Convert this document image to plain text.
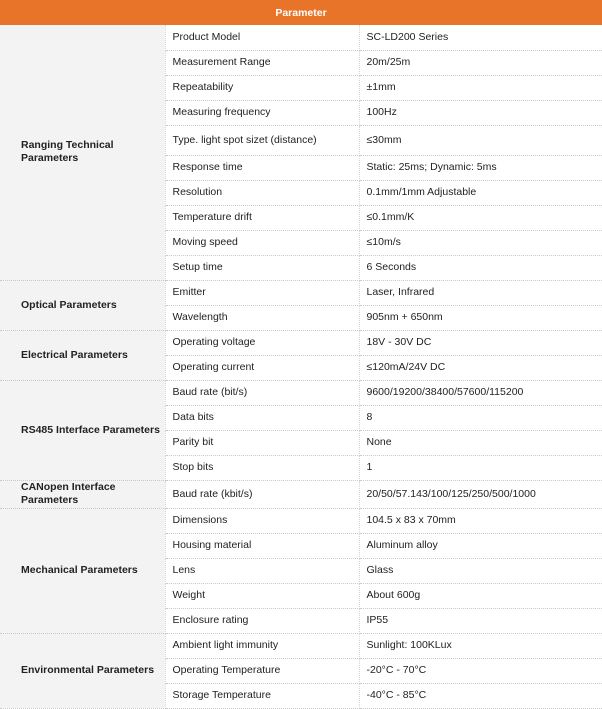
Parameter		
Ranging Technical Parameters	Product Model	SC-LD200 Series
	Measurement Range	20m/25m
	Repeatability	±1mm
	Measuring frequency	100Hz
	Type. light spot sizet (distance)	≤30mm
	Response time	Static: 25ms; Dynamic: 5ms
	Resolution	0.1mm/1mm Adjustable
	Temperature drift	≤0.1mm/K
	Moving speed	≤10m/s
	Setup time	6 Seconds
Optical Parameters	Emitter	Laser, Infrared
	Wavelength	905nm + 650nm
Electrical Parameters	Operating voltage	18V - 30V DC
	Operating current	≤120mA/24V DC
RS485 Interface Parameters	Baud rate (bit/s)	9600/19200/38400/57600/115200
	Data bits	8
	Parity bit	None
	Stop bits	1
CANopen Interface Parameters	Baud rate (kbit/s)	20/50/57.143/100/125/250/500/1000
Mechanical Parameters	Dimensions	104.5 x 83 x 70mm
	Housing material	Aluminum alloy
	Lens	Glass
	Weight	About 600g
	Enclosure rating	IP55
Environmental Parameters	Ambient light immunity	Sunlight: 100KLux
	Operating Temperature	-20°C - 70°C
	Storage Temperature	-40°C - 85°C
